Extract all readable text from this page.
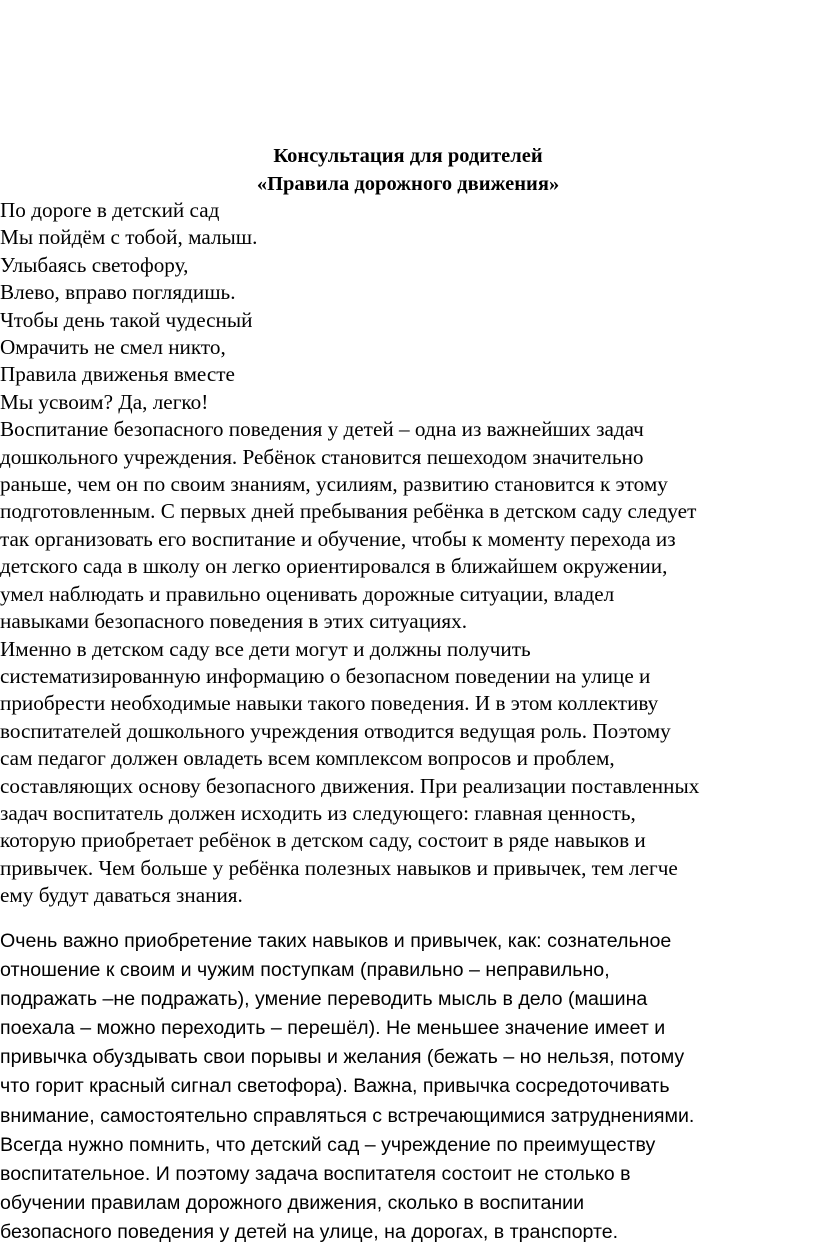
Консультация для родителей
«Правила дорожного движения»
По дороге в детский сад
Мы пойдём с тобой, малыш.
Улыбаясь светофору,
Влево, вправо поглядишь.
Чтобы день такой чудесный
Омрачить не смел никто,
Правила движенья вместе
Мы усвоим? Да, легко!
Воспитание безопасного поведения у детей – одна из важнейших задач
дошкольного учреждения. Ребёнок становится пешеходом значительно
раньше, чем он по своим знаниям, усилиям, развитию становится к этому
подготовленным. С первых дней пребывания ребёнка в детском саду следует
так организовать его воспитание и обучение, чтобы к моменту перехода из
детского сада в школу он легко ориентировался в ближайшем окружении,
умел наблюдать и правильно оценивать дорожные ситуации, владел
навыками безопасного поведения в этих ситуациях.
Именно в детском саду все дети могут и должны получить
систематизированную информацию о безопасном поведении на улице и
приобрести необходимые навыки такого поведения. И в этом коллективу
воспитателей дошкольного учреждения отводится ведущая роль. Поэтому
сам педагог должен овладеть всем комплексом вопросов и проблем,
составляющих основу безопасного движения. При реализации поставленных
задач воспитатель должен исходить из следующего: главная ценность,
которую приобретает ребёнок в детском саду, состоит в ряде навыков и
привычек. Чем больше у ребёнка полезных навыков и привычек, тем легче
ему будут даваться знания.
Очень важно приобретение таких навыков и привычек, как: сознательное
отношение к своим и чужим поступкам (правильно – неправильно,
подражать –не подражать), умение переводить мысль в дело (машина
поехала – можно переходить – перешёл). Не меньшее значение имеет и
привычка обуздывать свои порывы и желания (бежать – но нельзя, потому
что горит красный сигнал светофора). Важна, привычка сосредоточивать
внимание, самостоятельно справляться с встречающимися затруднениями.
Всегда нужно помнить, что детский сад – учреждение по преимуществу
воспитательное. И поэтому задача воспитателя состоит не столько в
обучении правилам дорожного движения, сколько в воспитании
безопасного поведения у детей на улице, на дорогах, в транспорте.
